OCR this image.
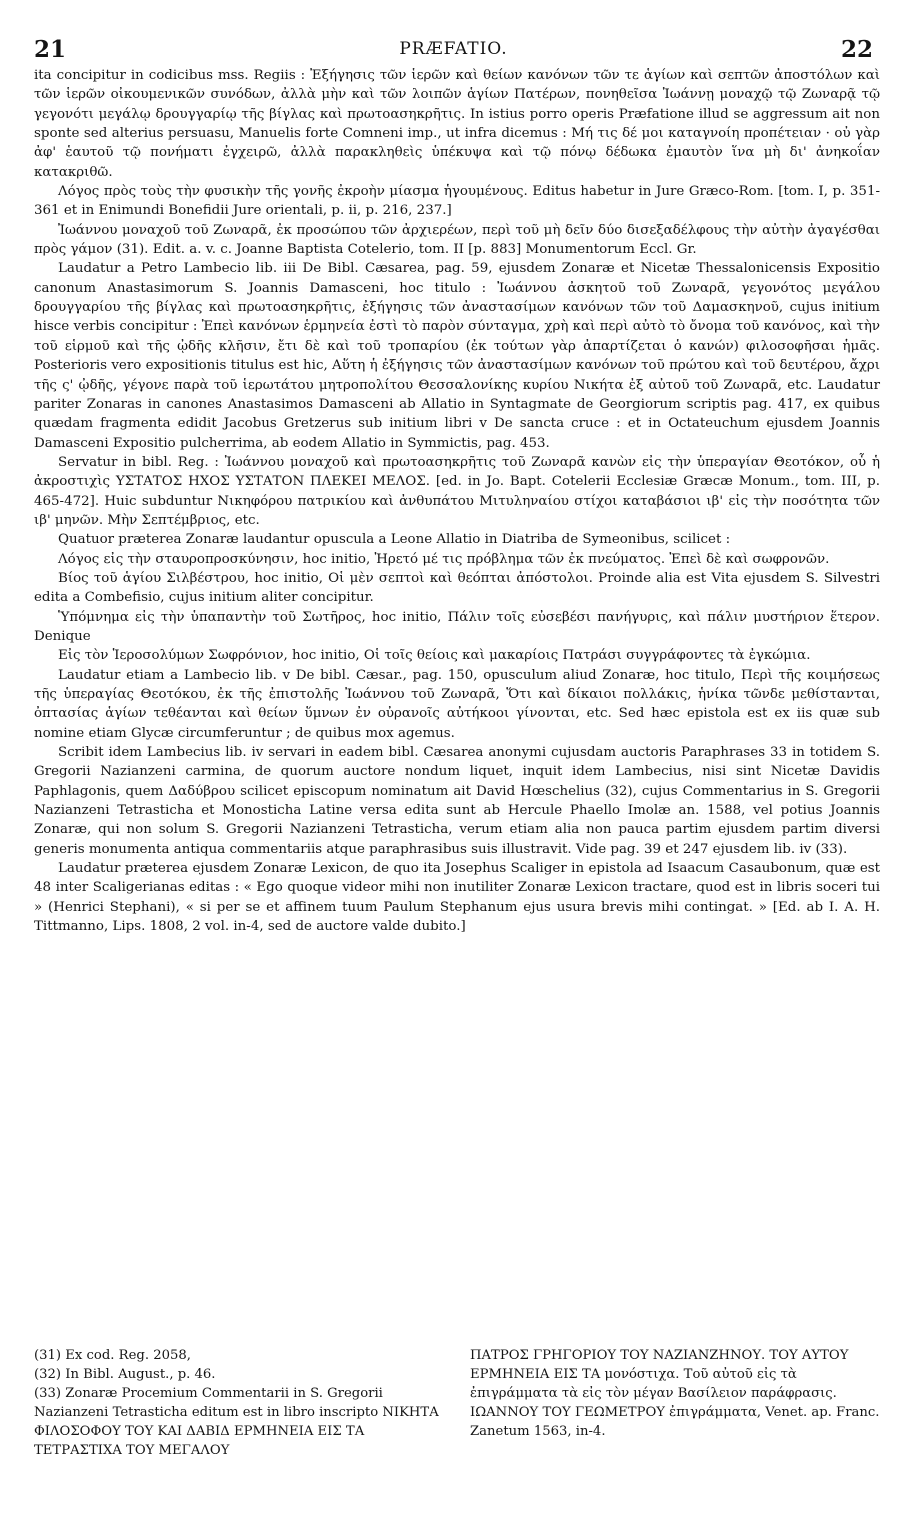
21	PRÆFATIO.	22

ita concipitur in codicibus mss. Regiis : Ἐξήγησις τῶν ἱερῶν καὶ θείων κανόνων τῶν τε ἁγίων καὶ σεπτῶν ἀποστόλων καὶ τῶν ἱερῶν οἰκουμενικῶν συνόδων, ἀλλὰ μὴν καὶ τῶν λοιπῶν ἁγίων Πατέρων, πονηθεῖσα Ἰωάννῃ μοναχῷ τῷ Ζωναρᾷ τῷ γεγονότι μεγάλῳ δρουγγαρίῳ τῆς βίγλας καὶ πρωτοασηκρῆτις. In istius porro operis Præfatione illud se aggressum ait non sponte sed alterius persuasu, Manuelis forte Comneni imp., ut infra dicemus : Μή τις δέ μοι καταγνοίη προπέτειαν · οὐ γὰρ ἀφ' ἑαυτοῦ τῷ πονήματι ἐγχειρῶ, ἀλλὰ παρακληθεὶς ὑπέκυψα καὶ τῷ πόνῳ δέδωκα ἐμαυτὸν ἵνα μὴ δι' ἀνηκοΐαν κατακριθῶ.

Λόγος πρὸς τοὺς τὴν φυσικὴν τῆς γονῆς ἐκροὴν μίασμα ἡγουμένους. Editus habetur in Jure Græco-Rom. [tom. I, p. 351-361 et in Enimundi Bonefidii Jure orientali, p. ii, p. 216, 237.]

Ἰωάννου μοναχοῦ τοῦ Ζωναρᾶ, ἐκ προσώπου τῶν ἀρχιερέων, περὶ τοῦ μὴ δεῖν δύο δισεξαδέλφους τὴν αὐτὴν ἀγαγέσθαι πρὸς γάμον (31). Edit. a. v. c. Joanne Baptista Cotelerio, tom. II [p. 883] Monumentorum Eccl. Gr.

Laudatur a Petro Lambecio lib. iii De Bibl. Cæsarea, pag. 59, ejusdem Zonaræ et Nicetæ Thessalonicensis Expositio canonum Anastasimorum S. Joannis Damasceni, hoc titulo : Ἰωάννου ἀσκητοῦ τοῦ Ζωναρᾶ, γεγονότος μεγάλου δρουγγαρίου τῆς βίγλας καὶ πρωτοασηκρῆτις, ἐξήγησις τῶν ἀναστασίμων κανόνων τῶν τοῦ Δαμασκηνοῦ, cujus initium hisce verbis concipitur : Ἐπεὶ κανόνων ἑρμηνεία ἐστὶ τὸ παρὸν σύνταγμα, χρὴ καὶ περὶ αὐτὸ τὸ ὄνομα τοῦ κανόνος, καὶ τὴν τοῦ εἱρμοῦ καὶ τῆς ᾠδῆς κλῆσιν, ἔτι δὲ καὶ τοῦ τροπαρίου (ἐκ τούτων γὰρ ἀπαρτίζεται ὁ κανών) φιλοσοφῆσαι ἡμᾶς. Posterioris vero expositionis titulus est hic, Αὕτη ἡ ἐξήγησις τῶν ἀναστασίμων κανόνων τοῦ πρώτου καὶ τοῦ δευτέρου, ἄχρι τῆς ς' ᾠδῆς, γέγονε παρὰ τοῦ ἱερωτάτου μητροπολίτου Θεσσαλονίκης κυρίου Νικήτα ἐξ αὐτοῦ τοῦ Ζωναρᾶ, etc. Laudatur pariter Zonaras in canones Anastasimos Damasceni ab Allatio in Syntagmate de Georgiorum scriptis pag. 417, ex quibus quædam fragmenta edidit Jacobus Gretzerus sub initium libri v De sancta cruce : et in Octateuchum ejusdem Joannis Damasceni Expositio pulcherrima, ab eodem Allatio in Symmictis, pag. 453.

Servatur in bibl. Reg. : Ἰωάννου μοναχοῦ καὶ πρωτοασηκρῆτις τοῦ Ζωναρᾶ κανὼν εἰς τὴν ὑπεραγίαν Θεοτόκον, οὗ ἡ ἀκροστιχὶς ΥΣΤΑΤΟΣ ΗΧΟΣ ΥΣΤΑΤΟΝ ΠΛΕΚΕΙ ΜΕΛΟΣ. [ed. in Jo. Bapt. Cotelerii Ecclesiæ Græcæ Monum., tom. III, p. 465-472]. Huic subduntur Νικηφόρου πατρικίου καὶ ἀνθυπάτου Μιτυληναίου στίχοι καταβάσιοι ιβ' εἰς τὴν ποσότητα τῶν ιβ' μηνῶν. Μὴν Σεπτέμβριος, etc.

Quatuor præterea Zonaræ laudantur opuscula a Leone Allatio in Diatriba de Symeonibus, scilicet :

Λόγος εἰς τὴν σταυροπροσκύνησιν, hoc initio, Ἠρετό μέ τις πρόβλημα τῶν ἐκ πνεύματος. Ἐπεὶ δὲ καὶ σωφρονῶν.

Βίος τοῦ ἁγίου Σιλβέστρου, hoc initio, Οἱ μὲν σεπτοὶ καὶ θεόπται ἀπόστολοι. Proinde alia est Vita ejusdem S. Silvestri edita a Combefisio, cujus initium aliter concipitur.

Ὑπόμνημα εἰς τὴν ὑπαπαντὴν τοῦ Σωτῆρος, hoc initio, Πάλιν τοῖς εὐσεβέσι πανήγυρις, καὶ πάλιν μυστήριον ἕτερον. Denique

Εἰς τὸν Ἱεροσολύμων Σωφρόνιον, hoc initio, Οἱ τοῖς θείοις καὶ μακαρίοις Πατράσι συγγράφοντες τὰ ἐγκώμια.

Laudatur etiam a Lambecio lib. v De bibl. Cæsar., pag. 150, opusculum aliud Zonaræ, hoc titulo, Περὶ τῆς κοιμήσεως τῆς ὑπεραγίας Θεοτόκου, ἐκ τῆς ἐπιστολῆς Ἰωάννου τοῦ Ζωναρᾶ, Ὅτι καὶ δίκαιοι πολλάκις, ἡνίκα τῶνδε μεθίστανται, ὀπτασίας ἁγίων τεθέανται καὶ θείων ὕμνων ἐν οὐρανοῖς αὐτήκοοι γίνονται, etc. Sed hæc epistola est ex iis quæ sub nomine etiam Glycæ circumferuntur ; de quibus mox agemus.

Scribit idem Lambecius lib. iv servari in eadem bibl. Cæsarea anonymi cujusdam auctoris Paraphrases 33 in totidem S. Gregorii Nazianzeni carmina, de quorum auctore nondum liquet, inquit idem Lambecius, nisi sint Nicetæ Davidis Paphlagonis, quem Δαδύβρου scilicet episcopum nominatum ait David Hœschelius (32), cujus Commentarius in S. Gregorii Nazianzeni Tetrasticha et Monosticha Latine versa edita sunt ab Hercule Phaello Imolæ an. 1588, vel potius Joannis Zonaræ, qui non solum S. Gregorii Nazianzeni Tetrasticha, verum etiam alia non pauca partim ejusdem partim diversi generis monumenta antiqua commentariis atque paraphrasibus suis illustravit. Vide pag. 39 et 247 ejusdem lib. iv (33).

Laudatur præterea ejusdem Zonaræ Lexicon, de quo ita Josephus Scaliger in epistola ad Isaacum Casaubonum, quæ est 48 inter Scaligerianas editas : « Ego quoque videor mihi non inutiliter Zonaræ Lexicon tractare, quod est in libris soceri tui » (Henrici Stephani), « si per se et affinem tuum Paulum Stephanum ejus usura brevis mihi contingat. » [Ed. ab I. A. H. Tittmanno, Lips. 1808, 2 vol. in-4, sed de auctore valde dubito.]

(31) Ex cod. Reg. 2058,

(32) In Bibl. August., p. 46.

(33) Zonaræ Procemium Commentarii in S. Gregorii Nazianzeni Tetrasticha editum est in libro inscripto ΝΙΚΗΤΑ ΦΙΛΟΣΟΦΟΥ ΤΟΥ ΚΑΙ ΔΑΒΙΔ ΕΡΜΗΝΕΙΑ ΕΙΣ ΤΑ ΤΕΤΡΑΣΤΙΧΑ ΤΟΥ ΜΕΓΑΛΟΥ

ΠΑΤΡΟΣ ΓΡΗΓΟΡΙΟΥ ΤΟΥ ΝΑΖΙΑΝΖΗΝΟΥ. ΤΟΥ ΑΥΤΟΥ ΕΡΜΗΝΕΙΑ ΕΙΣ ΤΑ μονόστιχα. Τοῦ αὐτοῦ εἰς τὰ ἐπιγράμματα τὰ εἰς τὸν μέγαν Βασίλειον παράφρασις. ΙΩΑΝΝΟΥ ΤΟΥ ΓΕΩΜΕΤΡΟΥ ἐπιγράμματα, Venet. ap. Franc. Zanetum 1563, in-4.
